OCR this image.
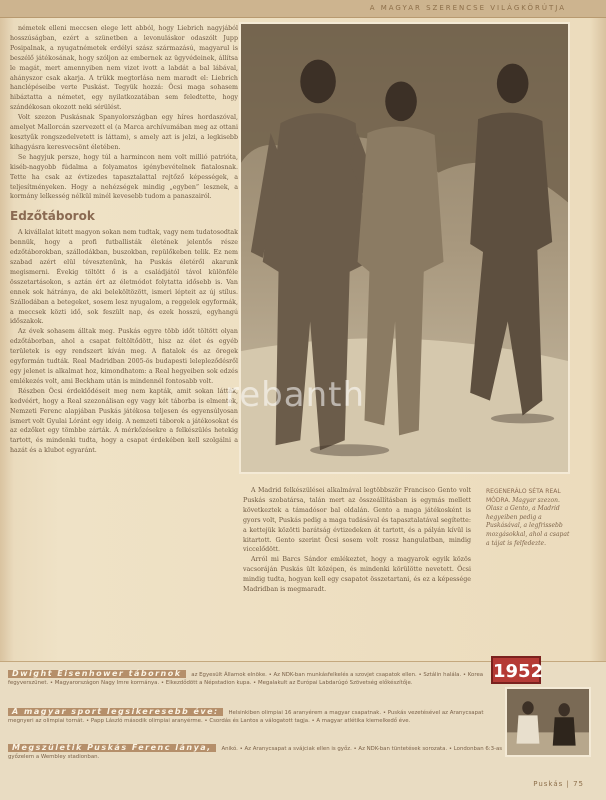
A MAGYAR SZERENCSE VILÁGKÖRÚTJA

németek elleni meccsen elege lett abból, hogy Liebrich nagyjából hosszúságban, ezért a szünetben a levonuláskor odaszólt Jupp Posipalnak, a nyugatnémetek erdélyi szász származású, magyarul is beszélő játékosának, hogy szóljon az embernek az ügyvédeinek, állítsa le magát, mert amennyiben nem vizet ivott a labdát a bal lábával, ahányszor csak akarja. A trükk megtorlása nem maradt el: Liebrich hanclépéseibe verte Puskást. Tegyük hozzá: Öcsi maga sohasem hibáztatta a németet, egy nyilatkozatában sem feledtette, hogy szándékosan okozott neki sérülést.

Volt szezon Puskásnak Spanyolországban egy híres hordaszóval, amelyet Mallorcán szervezett el (a Marca archívumában meg az ottani kesztyűk rongszedelvetett is láttam), s amely azt is jelzi, a legkisebb kihagyásra keresvecsönt életében.

Se hagyjuk persze, hogy túl a harmincon nem volt millió patrióta, kiséb-nagyobb fúdalma a folyamatos igénybevételnek fiatalosnak. Tette ha csak az évtizedes tapasztalattal rejtőző képességek, a teljesítményeken. Hogy a nehézségek mindig „egyben” lesznek, a kormány lelkesség nélkül minél kevesebb tudom a panaszairól.

Edzőtáborok

A kivállalat kitett magyon sokan nem tudtak, vagy nem tudatosodtak bennük, hogy a profi futballisták életének jelentős része edzőtáborokban, szállodákban, buszokban, repülőkeben telik. Ez nem szabad azért elül tévesztenünk, ha Puskás életéről akarunk megismerni. Évekig töltött ő is a családjától távol különféle összetartásokon, s aztán ért az életmódot folytatta idősebb is. Van ennek sok hátránya, de aki beleköltözött, ismeri lépteit az új stílus. Szállodában a betegeket, sosem lesz nyugalom, a reggelek egyformák, a meccsek közti idő, sok feszült nap, és ezek hosszú, egyhangú időszakok.

Az évek sohasem álltak meg. Puskás egyre több időt töltött olyan edzőtáborban, ahol a csapat feltöltődött, hisz az élet és egyéb területek is egy rendszert kíván meg. A fiatalok és az öregek egyformán tudták. Real Madridban 2005-ös budapesti lelepleződésről egy jelenet is alkalmat hoz, kimondhatom: a Real hegyeiben sok edzés emlékezés volt, ami Beckham után is mindennél fontosabb volt.

Részben Öcsi érdeklődéseit meg nem kapták, amit sokan látták, kedvéért, hogy a Real szezonálisan egy vagy két táborba is elmentek, Nemzeti Ferenc alapjában Puskás játékosa teljesen és egyensúlyosan ismert volt Gyulai Lóránt egy ideig. A nemzeti táborok a játékosokat és az edzőket egy tömbbe zárták. A mérkőzésekre a felkészülés hetekig tartott, és mindenki tudta, hogy a csapat érdekében kell szolgálni a hazát és a klubot egyaránt.

rebanth

A Madrid felkészülései alkalmával legtöbbször Francisco Gento volt Puskás szobatársa, talán mert az összeállításban is egymás mellett következtek a támadósor bal oldalán. Gento a maga játékosként is gyors volt, Puskás pedig a maga tudásával és tapasztalatával segítette: a kettejük közötti barátság évtizedeken át tartott, és a pályán kívül is kitartott. Gento szerint Öcsi sosem volt rossz hangulatban, mindig viccelődött.

Arról mi Barcs Sándor emlékeztet, hogy a magyarok egyik közös vacsoráján Puskás ült középen, és mindenki körülötte nevetett. Öcsi mindig tudta, hogyan kell egy csapatot összetartani, és ez a képessége Madridban is megmaradt.

REGENERÁLO SÉTA REAL MÓDRA. Magyar szezon. Olasz a Gento, a Madrid hegyeiben pedig a Puskásával, a legfrissebb mozgásokkal, ahol a csapat a tájat is felfedezte.
Dwight Eisenhower tábornok az Egyesült Államok elnöke. • Az NDK-ban munkásfelkelés a szovjet csapatok ellen. • Sztálin halála. • Korea fegyverszünet. • Magyarországon Nagy Imre kormánya. • Elkezdődött a Népstadion kupa. • Megalakult az Európai Labdarúgó Szövetség előkészítője.
A magyar sport legsikeresebb éve: Helsinkiben olimpiai 16 aranyérem a magyar csapatnak. • Puskás vezetésével az Aranycsapat megnyeri az olimpiai tornát. • Papp László második olimpiai aranyérme. • Csordás és Lantos a válogatott tagja. • A magyar atlétika kiemelkedő éve.
Megszületik Puskás Ferenc lánya, Anikó. • Az Aranycsapat a svájciak ellen is győz. • Az NDK-ban tüntetések sorozata. • Londonban 6:3-as győzelem a Wembley stadionban.
1952
Puskás | 75
